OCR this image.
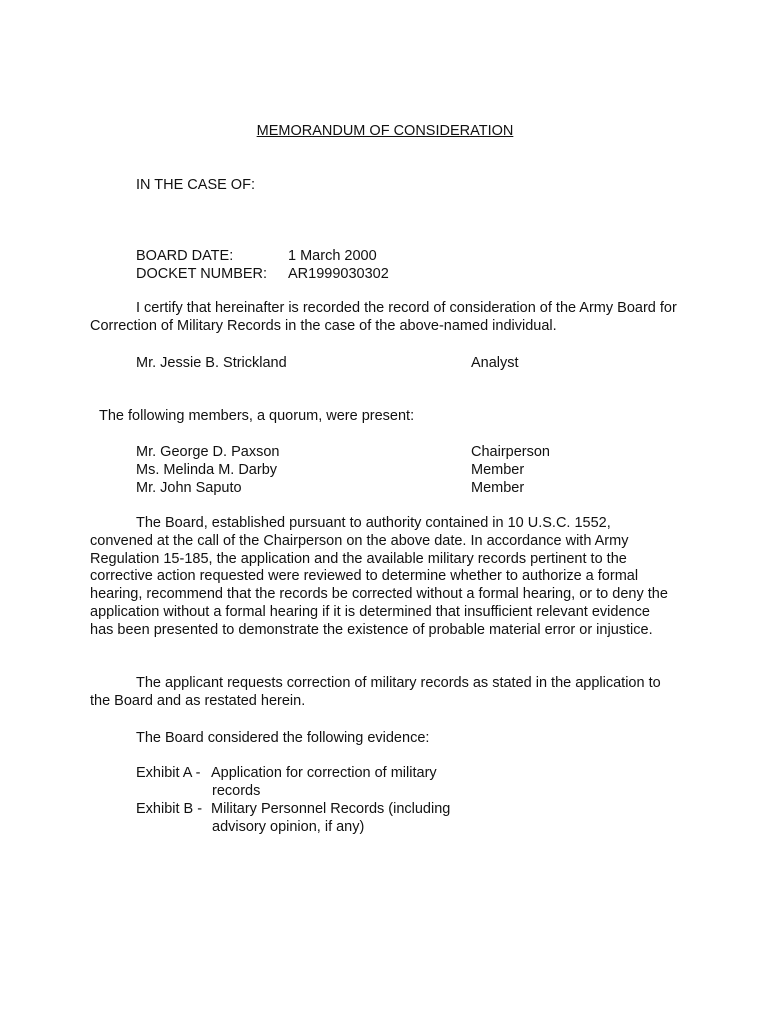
MEMORANDUM OF CONSIDERATION
IN THE CASE OF:
BOARD DATE:	1 March 2000
DOCKET NUMBER: AR1999030302

I certify that hereinafter is recorded the record of consideration of the Army Board for Correction of Military Records in the case of the above-named individual.

Mr. Jessie B. Strickland	Analyst
The following members, a quorum, were present:
Mr. George D. Paxson	Chairperson
Ms. Melinda M. Darby	Member
Mr. John Saputo	Member

The Board, established pursuant to authority contained in 10 U.S.C. 1552, convened at the call of the Chairperson on the above date. In accordance with Army Regulation 15-185, the application and the available military records pertinent to the corrective action requested were reviewed to determine whether to authorize a formal hearing, recommend that the records be corrected without a formal hearing, or to deny the application without a formal hearing if it is determined that insufficient relevant evidence has been presented to demonstrate the existence of probable material error or injustice.

The applicant requests correction of military records as stated in the application to the Board and as restated herein.

The Board considered the following evidence:
Exhibit A - Application for correction of military
records
Exhibit B - Military Personnel Records (including
advisory opinion, if any)
